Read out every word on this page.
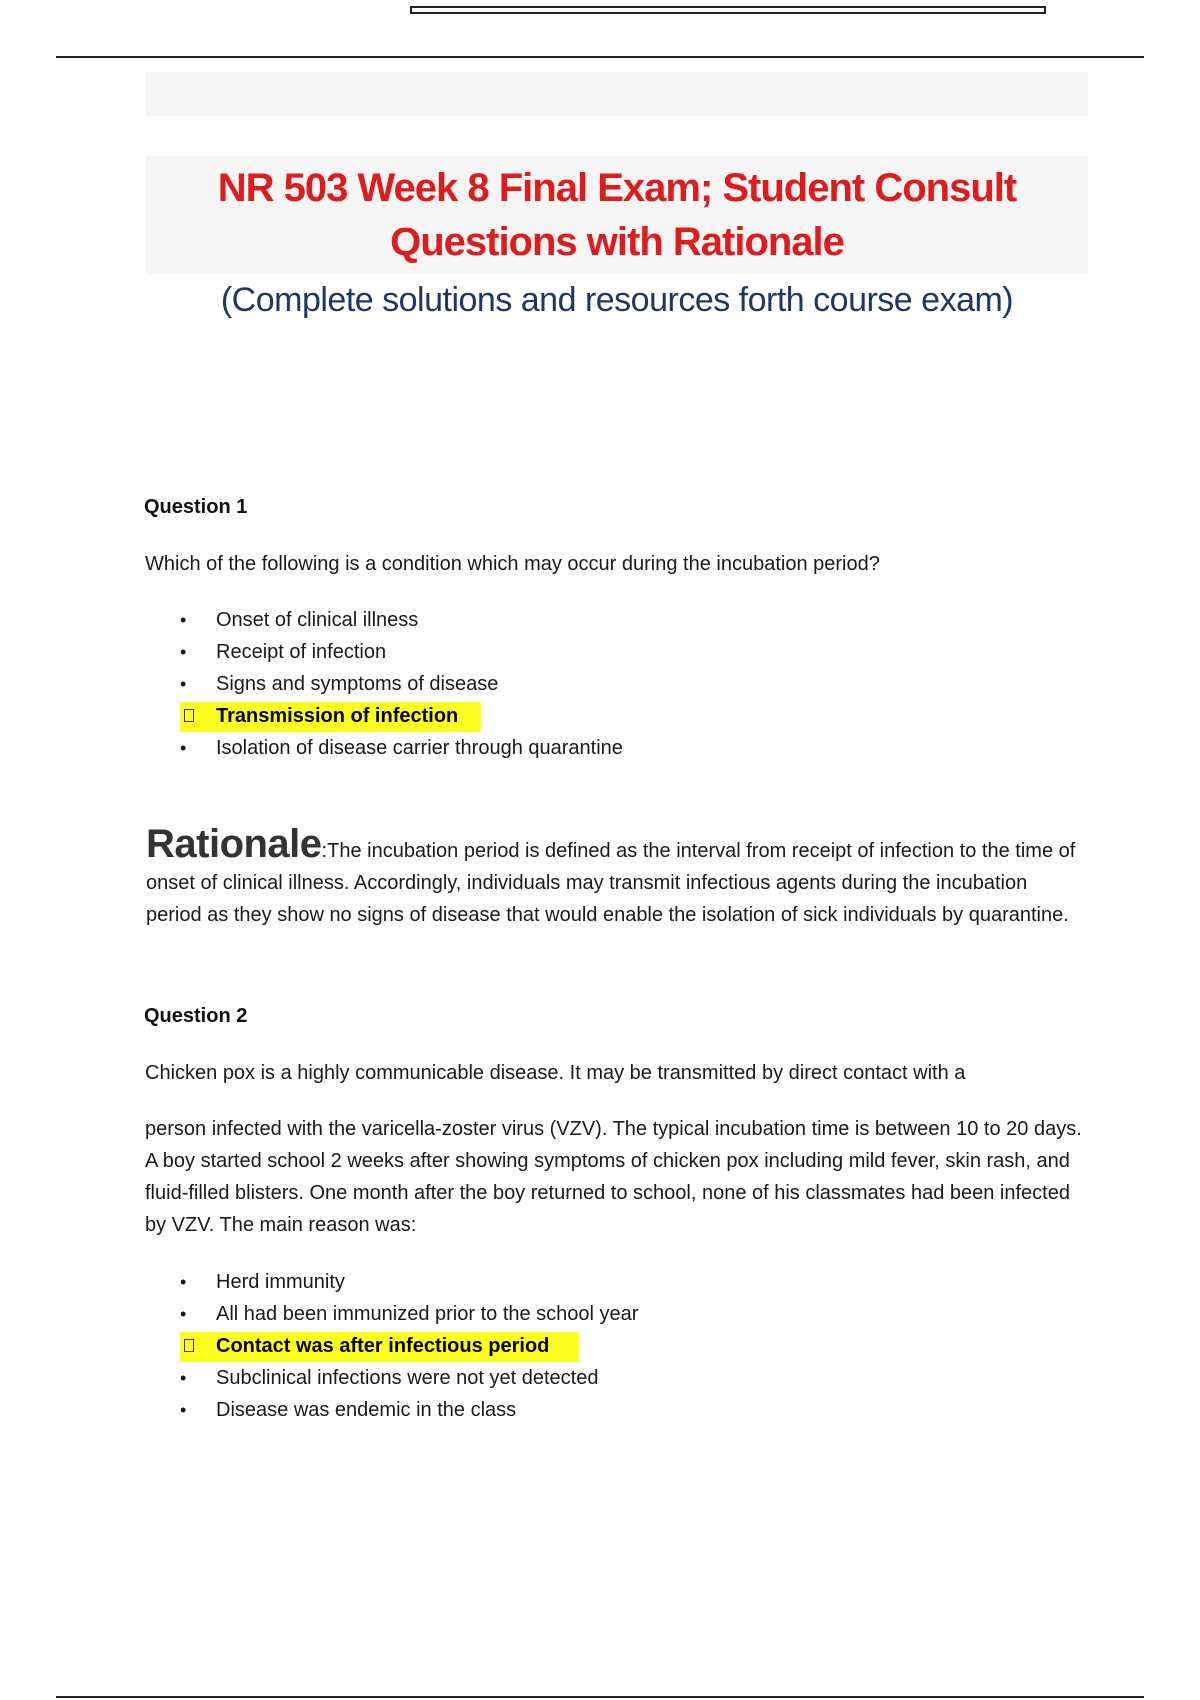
NR 503 Week 8 Final Exam; Student Consult
Questions with Rationale
(Complete solutions and resources forth course exam)
Question 1
Which of the following is a condition which may occur during the incubation period?
•	Onset of clinical illness
•	Receipt of infection
•	Signs and symptoms of disease
Transmission of infection
•	Isolation of disease carrier through quarantine
Rationale:The incubation period is defined as the interval from receipt of infection to the time of onset of clinical illness. Accordingly, individuals may transmit infectious agents during the incubation period as they show no signs of disease that would enable the isolation of sick individuals by quarantine.
Question 2
Chicken pox is a highly communicable disease. It may be transmitted by direct contact with a
person infected with the varicella-zoster virus (VZV). The typical incubation time is between 10 to 20 days. A boy started school 2 weeks after showing symptoms of chicken pox including mild fever, skin rash, and fluid-filled blisters. One month after the boy returned to school, none of his classmates had been infected by VZV. The main reason was:
•	Herd immunity
•	All had been immunized prior to the school year
Contact was after infectious period
•	Subclinical infections were not yet detected
•	Disease was endemic in the class
